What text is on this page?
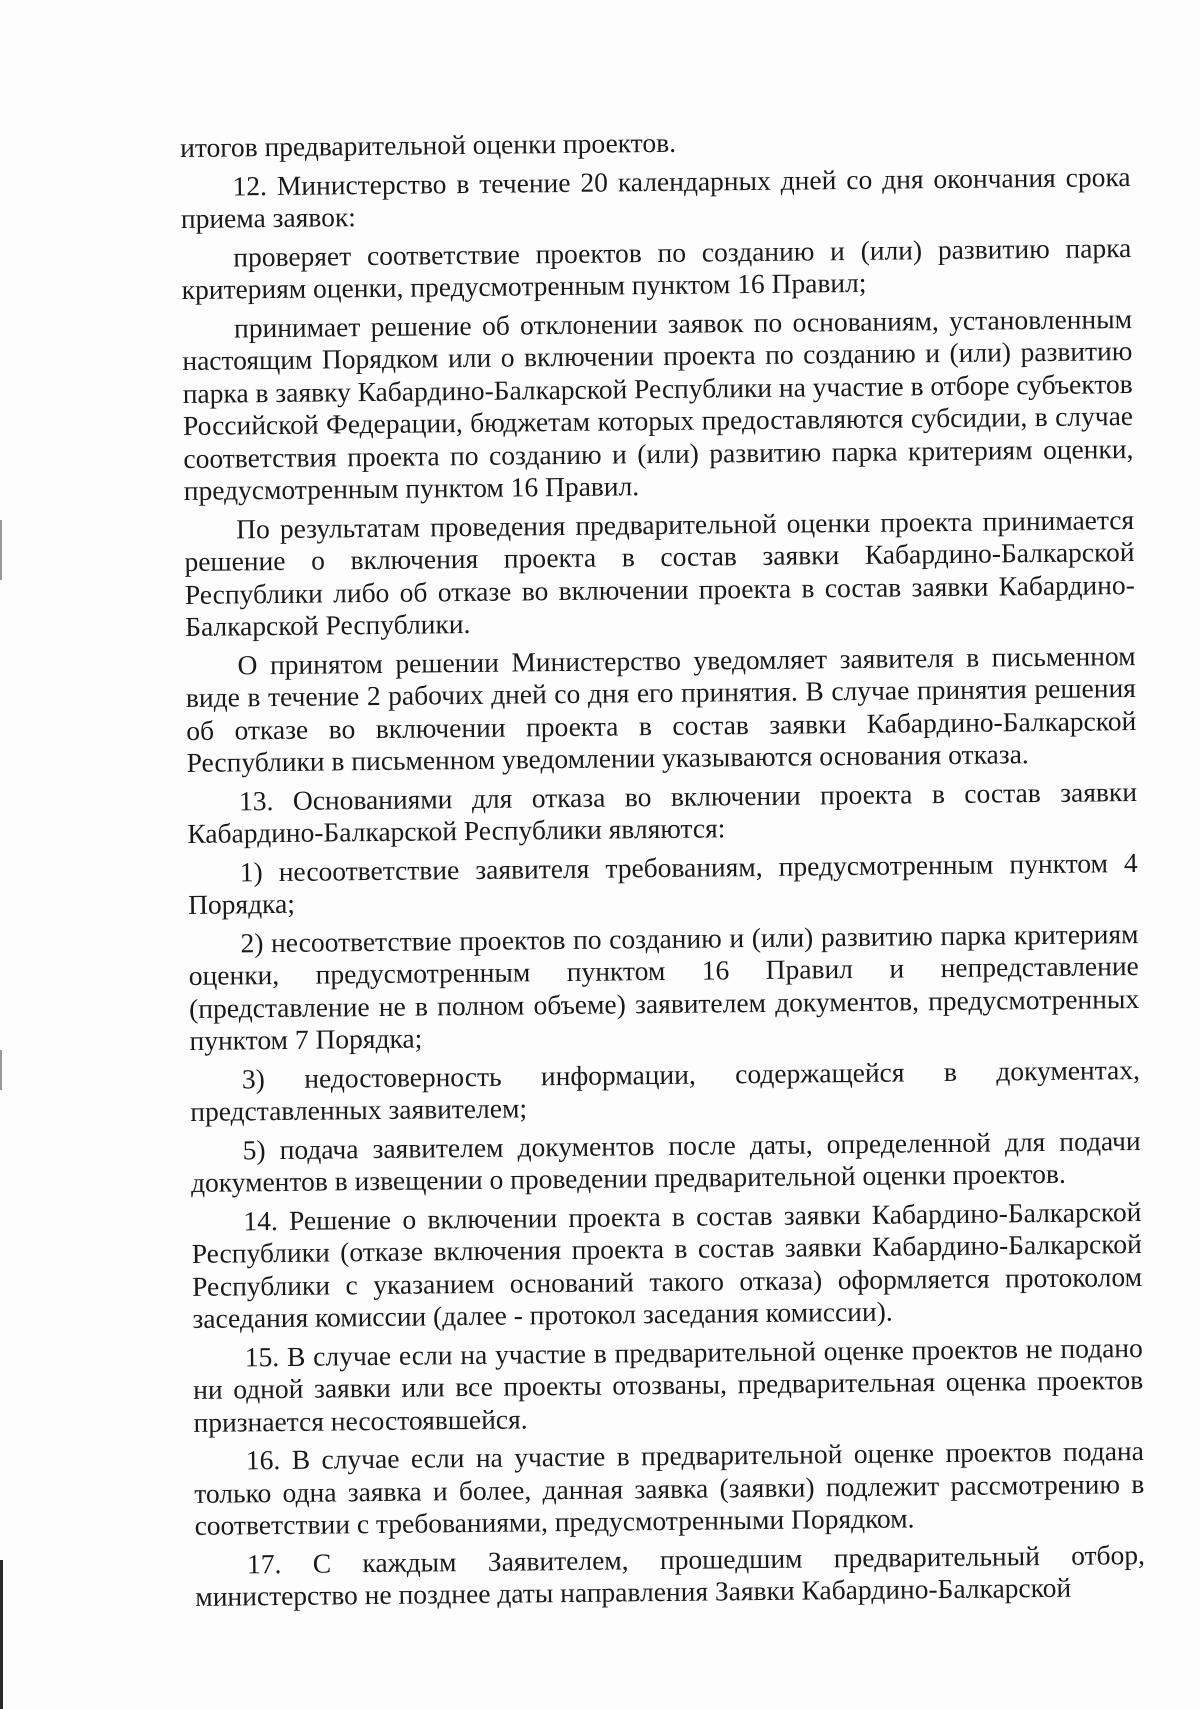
итогов предварительной оценки проектов.

12. Министерство в течение 20 календарных дней со дня окончания срока приема заявок:

проверяет соответствие проектов по созданию и (или) развитию парка критериям оценки, предусмотренным пунктом 16 Правил;

принимает решение об отклонении заявок по основаниям, установленным настоящим Порядком или о включении проекта по созданию и (или) развитию парка в заявку Кабардино-Балкарской Республики на участие в отборе субъектов Российской Федерации, бюджетам которых предоставляются субсидии, в случае соответствия проекта по созданию и (или) развитию парка критериям оценки, предусмотренным пунктом 16 Правил.

По результатам проведения предварительной оценки проекта принимается решение о включения проекта в состав заявки Кабардино-Балкарской Республики либо об отказе во включении проекта в состав заявки Кабардино-Балкарской Республики.

О принятом решении Министерство уведомляет заявителя в письменном виде в течение 2 рабочих дней со дня его принятия. В случае принятия решения об отказе во включении проекта в состав заявки Кабардино-Балкарской Республики в письменном уведомлении указываются основания отказа.

13. Основаниями для отказа во включении проекта в состав заявки Кабардино-Балкарской Республики являются:

1) несоответствие заявителя требованиям, предусмотренным пунктом 4 Порядка;

2) несоответствие проектов по созданию и (или) развитию парка критериям оценки, предусмотренным пунктом 16 Правил и непредставление (представление не в полном объеме) заявителем документов, предусмотренных пунктом 7 Порядка;

3) недостоверность информации, содержащейся в документах, представленных заявителем;

5) подача заявителем документов после даты, определенной для подачи документов в извещении о проведении предварительной оценки проектов.

14. Решение о включении проекта в состав заявки Кабардино-Балкарской Республики (отказе включения проекта в состав заявки Кабардино-Балкарской Республики с указанием оснований такого отказа) оформляется протоколом заседания комиссии (далее - протокол заседания комиссии).

15. В случае если на участие в предварительной оценке проектов не подано ни одной заявки или все проекты отозваны, предварительная оценка проектов признается несостоявшейся.

16. В случае если на участие в предварительной оценке проектов подана только одна заявка и более, данная заявка (заявки) подлежит рассмотрению в соответствии с требованиями, предусмотренными Порядком.

17. С каждым Заявителем, прошедшим предварительный отбор, министерство не позднее даты направления Заявки Кабардино-Балкарской
